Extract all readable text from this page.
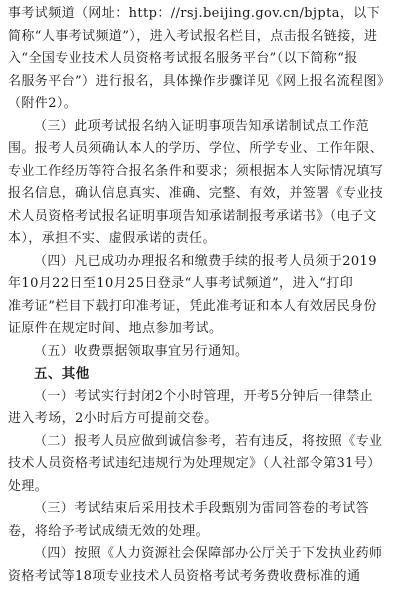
事考试频道（网址：http：//rsj.beijing.gov.cn/bjpta，以下
简称“人事考试频道”），进入考试报名栏目，点击报名链接，进
入“全国专业技术人员资格考试报名服务平台”（以下简称“报
名服务平台”）进行报名，具体操作步骤详见《网上报名流程图》
（附件2）。
（三）此项考试报名纳入证明事项告知承诺制试点工作范
围。报考人员须确认本人的学历、学位、所学专业、工作年限、
专业工作经历等符合报名条件和要求；须根据本人实际情况填写
报名信息，确认信息真实、准确、完整、有效，并签署《专业技
术人员资格考试报名证明事项告知承诺制报考承诺书》（电子文
本），承担不实、虚假承诺的责任。
（四）凡已成功办理报名和缴费手续的报考人员须于2019
年10月22日至10月25日登录“人事考试频道”，进入“打印
准考证”栏目下载打印准考证，凭此准考证和本人有效居民身份
证原件在规定时间、地点参加考试。
（五）收费票据领取事宜另行通知。
五、其他
（一）考试实行封闭2个小时管理，开考5分钟后一律禁止
进入考场，2小时后方可提前交卷。
（二）报考人员应做到诚信参考，若有违反，将按照《专业
技术人员资格考试违纪违规行为处理规定》（人社部令第31号）
处理。
（三）考试结束后采用技术手段甄别为雷同答卷的考试答
卷，将给予考试成绩无效的处理。
（四）按照《人力资源社会保障部办公厅关于下发执业药师
资格考试等18项专业技术人员资格考试考务费收费标准的通
